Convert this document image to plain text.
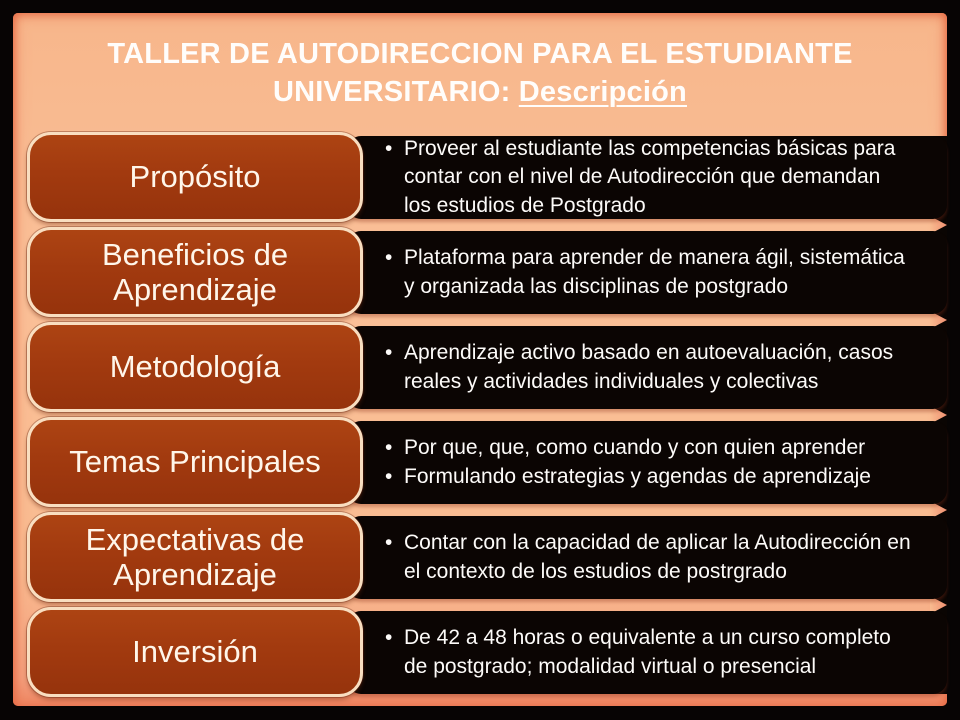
TALLER DE AUTODIRECCION PARA EL ESTUDIANTE
UNIVERSITARIO: Descripción
• Proveer al estudiante las competencias básicas para contar con el nivel de Autodirección que demandan los estudios de Postgrado
Propósito
• Plataforma para aprender de manera ágil, sistemática y organizada las disciplinas de postgrado
Beneficios de Aprendizaje
• Aprendizaje activo basado en autoevaluación, casos reales y actividades individuales y colectivas
Metodología
• Por que, que, como cuando y con quien aprender
• Formulando estrategias y agendas de aprendizaje
Temas Principales
• Contar con la capacidad de aplicar la Autodirección en el contexto de los estudios de postrgrado
Expectativas de Aprendizaje
• De 42 a 48 horas o equivalente a un curso completo de postgrado; modalidad virtual o presencial
Inversión
